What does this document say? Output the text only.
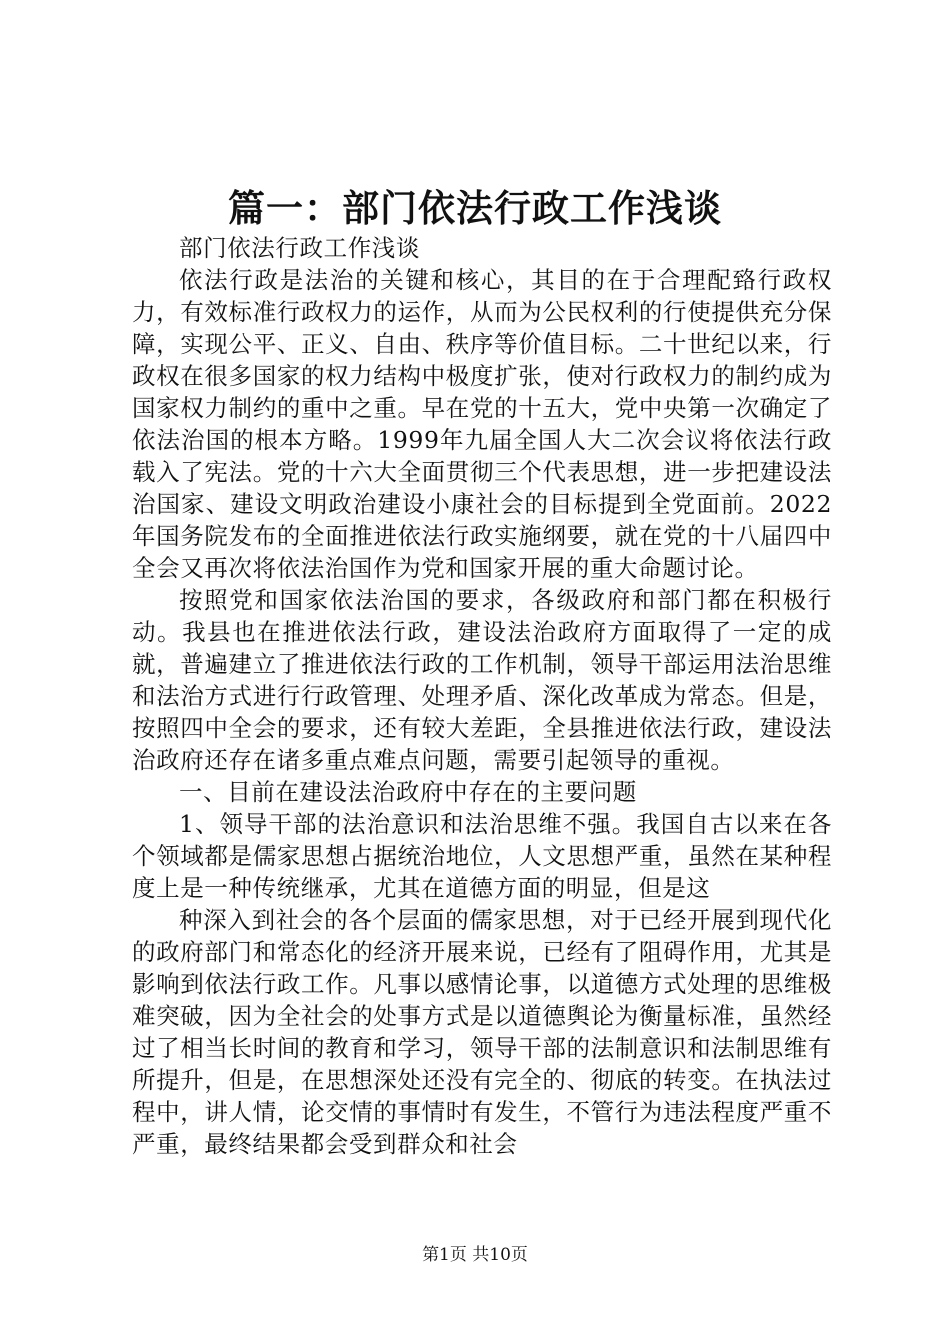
篇一：部门依法行政工作浅谈

部门依法行政工作浅谈

依法行政是法治的关键和核心，其目的在于合理配臵行政权力，有效标准行政权力的运作，从而为公民权利的行使提供充分保障，实现公平、正义、自由、秩序等价值目标。二十世纪以来，行政权在很多国家的权力结构中极度扩张，使对行政权力的制约成为国家权力制约的重中之重。早在党的十五大，党中央第一次确定了依法治国的根本方略。1999年九届全国人大二次会议将依法行政载入了宪法。党的十六大全面贯彻三个代表思想，进一步把建设法治国家、建设文明政治建设小康社会的目标提到全党面前。2022年国务院发布的全面推进依法行政实施纲要，就在党的十八届四中全会又再次将依法治国作为党和国家开展的重大命题讨论。

按照党和国家依法治国的要求，各级政府和部门都在积极行动。我县也在推进依法行政，建设法治政府方面取得了一定的成就，普遍建立了推进依法行政的工作机制，领导干部运用法治思维和法治方式进行行政管理、处理矛盾、深化改革成为常态。但是，按照四中全会的要求，还有较大差距，全县推进依法行政，建设法治政府还存在诸多重点难点问题，需要引起领导的重视。

一、目前在建设法治政府中存在的主要问题

1、领导干部的法治意识和法治思维不强。我国自古以来在各个领域都是儒家思想占据统治地位，人文思想严重，虽然在某种程度上是一种传统继承，尤其在道德方面的明显，但是这

种深入到社会的各个层面的儒家思想，对于已经开展到现代化的政府部门和常态化的经济开展来说，已经有了阻碍作用，尤其是影响到依法行政工作。凡事以感情论事，以道德方式处理的思维极难突破，因为全社会的处事方式是以道德舆论为衡量标准，虽然经过了相当长时间的教育和学习，领导干部的法制意识和法制思维有所提升，但是，在思想深处还没有完全的、彻底的转变。在执法过程中，讲人情，论交情的事情时有发生，不管行为违法程度严重不严重，最终结果都会受到群众和社会

第1页 共10页
